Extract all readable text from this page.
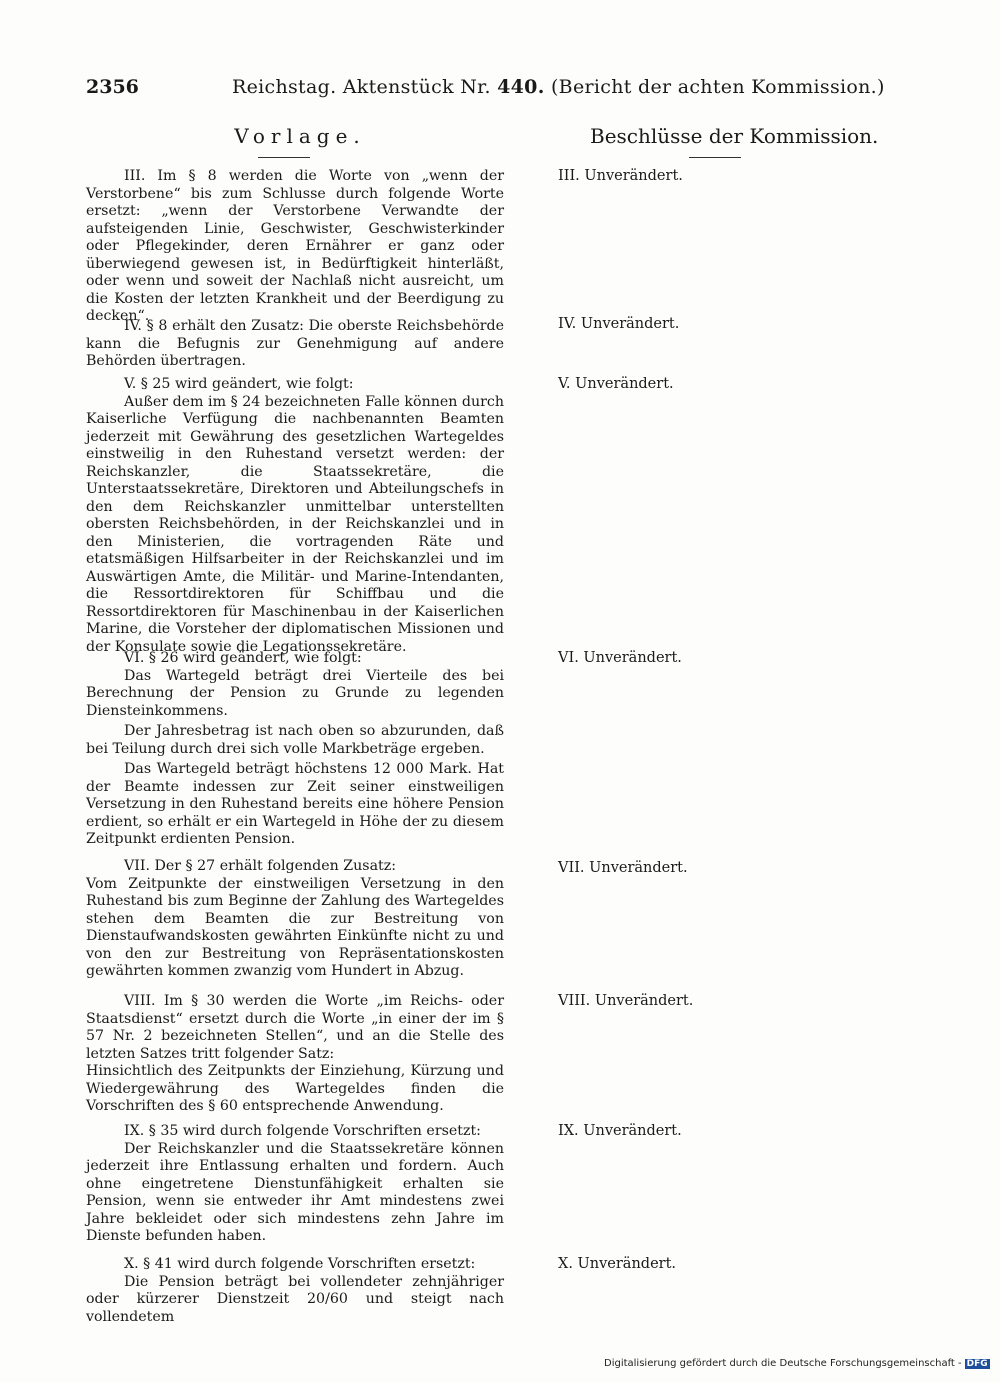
2356	Reichstag. Aktenstück Nr. 440. (Bericht der achten Kommission.)
Vorlage.	Beschlüsse der Kommission.

III. Im § 8 werden die Worte von „wenn der Verstorbene“ bis zum Schlusse durch folgende Worte ersetzt: „wenn der Verstorbene Verwandte der aufsteigenden Linie, Geschwister, Geschwisterkinder oder Pflegekinder, deren Ernährer er ganz oder überwiegend gewesen ist, in Bedürftigkeit hinterläßt, oder wenn und soweit der Nachlaß nicht ausreicht, um die Kosten der letzten Krankheit und der Beerdigung zu decken“.

III. Unverändert.

IV. § 8 erhält den Zusatz: Die oberste Reichsbehörde kann die Befugnis zur Genehmigung auf andere Behörden übertragen.

IV. Unverändert.

V. § 25 wird geändert, wie folgt:

Außer dem im § 24 bezeichneten Falle können durch Kaiserliche Verfügung die nachbenannten Beamten jederzeit mit Gewährung des gesetzlichen Wartegeldes einstweilig in den Ruhestand versetzt werden: der Reichskanzler, die Staatssekretäre, die Unterstaatssekretäre, Direktoren und Abteilungschefs in den dem Reichskanzler unmittelbar unterstellten obersten Reichsbehörden, in der Reichskanzlei und in den Ministerien, die vortragenden Räte und etatsmäßigen Hilfsarbeiter in der Reichskanzlei und im Auswärtigen Amte, die Militär- und Marine-Intendanten, die Ressortdirektoren für Schiffbau und die Ressortdirektoren für Maschinenbau in der Kaiserlichen Marine, die Vorsteher der diplomatischen Missionen und der Konsulate sowie die Legationssekretäre.

V. Unverändert.

VI. § 26 wird geändert, wie folgt:

Das Wartegeld beträgt drei Vierteile des bei Berechnung der Pension zu Grunde zu legenden Diensteinkommens.

Der Jahresbetrag ist nach oben so abzurunden, daß bei Teilung durch drei sich volle Markbeträge ergeben.

Das Wartegeld beträgt höchstens 12 000 Mark. Hat der Beamte indessen zur Zeit seiner einstweiligen Versetzung in den Ruhestand bereits eine höhere Pension erdient, so erhält er ein Wartegeld in Höhe der zu diesem Zeitpunkt erdienten Pension.

VI. Unverändert.

VII. Der § 27 erhält folgenden Zusatz:

Vom Zeitpunkte der einstweiligen Versetzung in den Ruhestand bis zum Beginne der Zahlung des Wartegeldes stehen dem Beamten die zur Bestreitung von Dienstaufwandskosten gewährten Einkünfte nicht zu und von den zur Bestreitung von Repräsentationskosten gewährten kommen zwanzig vom Hundert in Abzug.

VII. Unverändert.

VIII. Im § 30 werden die Worte „im Reichs- oder Staatsdienst“ ersetzt durch die Worte „in einer der im § 57 Nr. 2 bezeichneten Stellen“, und an die Stelle des letzten Satzes tritt folgender Satz:

Hinsichtlich des Zeitpunkts der Einziehung, Kürzung und Wiedergewährung des Wartegeldes finden die Vorschriften des § 60 entsprechende Anwendung.

VIII. Unverändert.

IX. § 35 wird durch folgende Vorschriften ersetzt:

Der Reichskanzler und die Staatssekretäre können jederzeit ihre Entlassung erhalten und fordern. Auch ohne eingetretene Dienstunfähigkeit erhalten sie Pension, wenn sie entweder ihr Amt mindestens zwei Jahre bekleidet oder sich mindestens zehn Jahre im Dienste befunden haben.

IX. Unverändert.

X. § 41 wird durch folgende Vorschriften ersetzt:

Die Pension beträgt bei vollendeter zehnjähriger oder kürzerer Dienstzeit 20/60 und steigt nach vollendetem

X. Unverändert.
Digitalisierung gefördert durch die Deutsche Forschungsgemeinschaft - DFG
